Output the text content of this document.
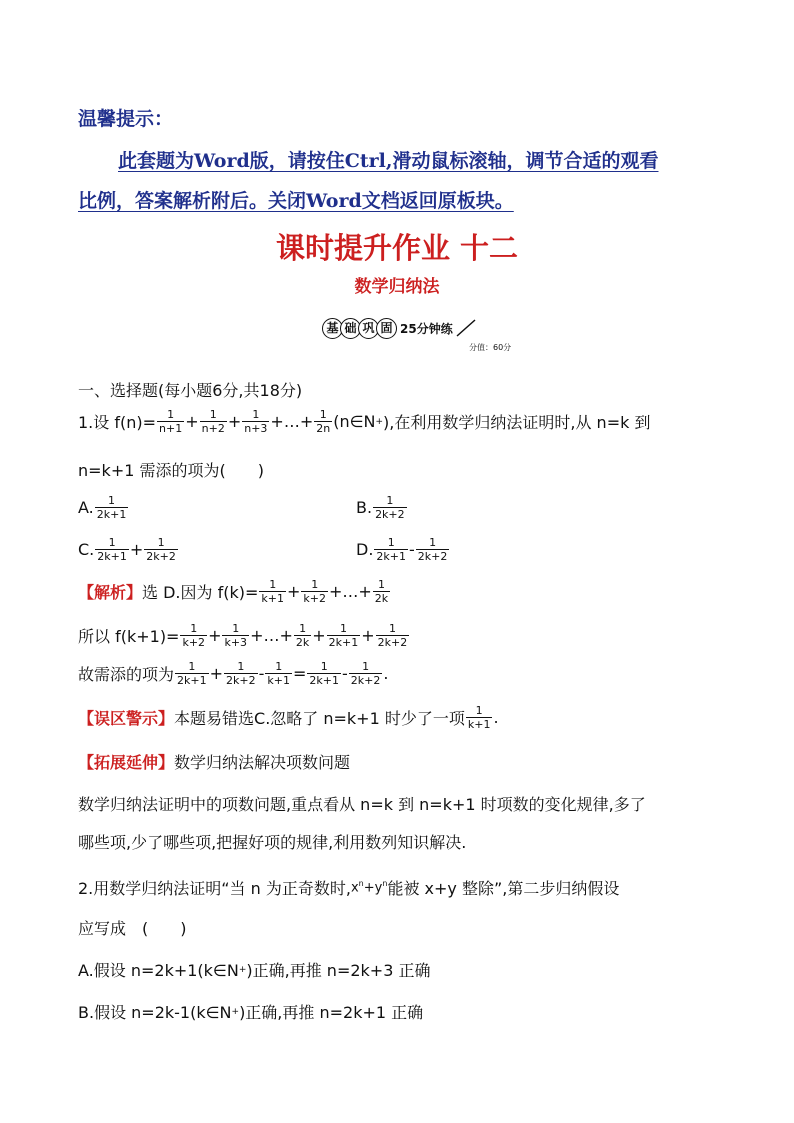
温馨提示：
此套题为Word版，请按住Ctrl,滑动鼠标滚轴，调节合适的观看
比例，答案解析附后。关闭Word文档返回原板块。
课时提升作业 十二
数学归纳法
基 础 巩 固 25分钟练
分值：60分
一、选择题(每小题6分,共18分)
1.设 $f(n)= \frac{1}{n+1} + \frac{1}{n+2} + \frac{1}{n+3}$ +…+ $\frac{1}{2n}$ (n∈N + ),在利用数学归纳法证明时,从 n=k 到
n=k+1 需添的项为(　　)
A. $\frac{1}{2k+1}$	B. $\frac{1}{2k+2}$
C. $\frac{1}{2k+1} + \frac{1}{2k+2}$	D. $\frac{1}{2k+1} - \frac{1}{2k+2}$
【解析】 选 D.因为 $f(k)= \frac{1}{k+1} + \frac{1}{k+2}$ +…+ $\frac{1}{2k}$
所以 $f(k+1)= \frac{1}{k+2} + \frac{1}{k+3}$ +…+ $\frac{1}{2k} + \frac{1}{2k+1} + \frac{1}{2k+2}$
故需添的项为 $\frac{1}{2k+1} + \frac{1}{2k+2} - \frac{1}{k+1} = \frac{1}{2k+1} - \frac{1}{2k+2}$ .
【误区警示】 本题易错选C.忽略了 n=k+1 时少了一项 $\frac{1}{k+1}$ .
【拓展延伸】 数学归纳法解决项数问题
数学归纳法证明中的项数问题,重点看从 n=k 到 n=k+1 时项数的变化规律,多了
哪些项,少了哪些项,把握好项的规律,利用数列知识解决.
2.用数学归纳法证明“当 n 为正奇数时, $x^n+y^n$ 能被 x+y 整除”,第二步归纳假设
应写成　(　　)
A.假设 n=2k+1(k∈N + )正确,再推 n=2k+3 正确
B.假设 n=2k-1(k∈N + )正确,再推 n=2k+1 正确
